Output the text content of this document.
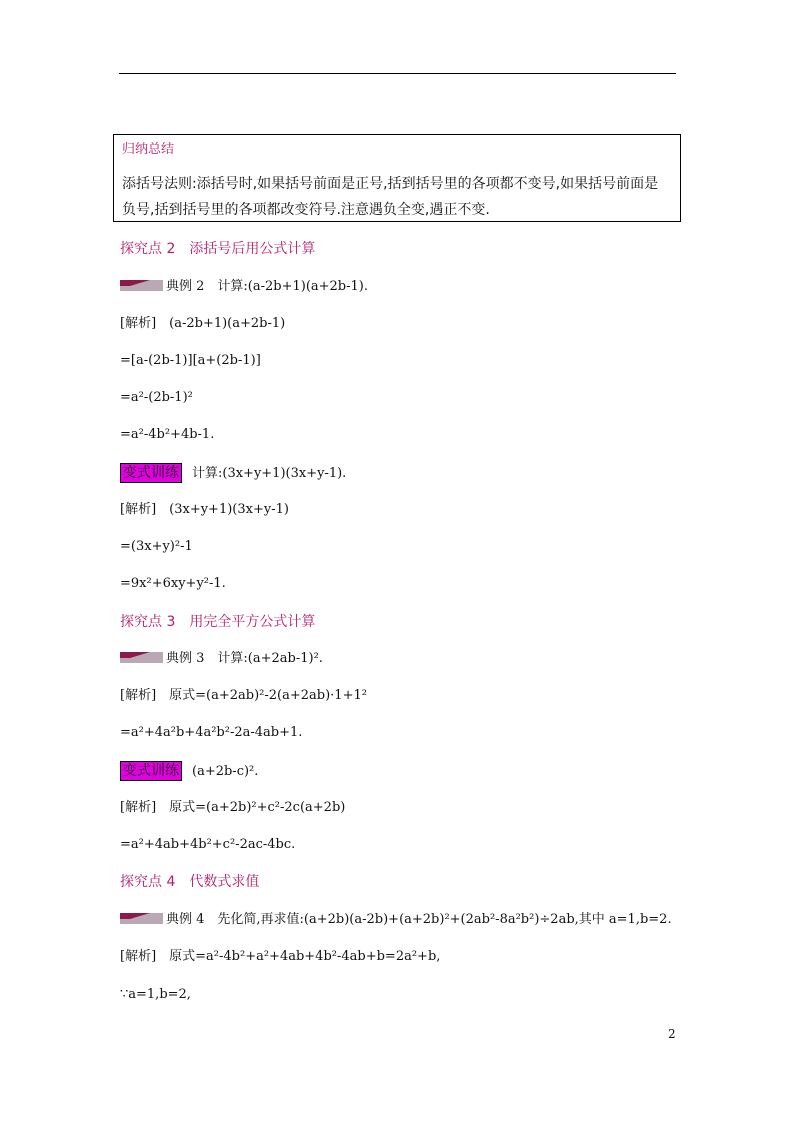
归纳总结
添括号法则:添括号时,如果括号前面是正号,括到括号里的各项都不变号,如果括号前面是负号,括到括号里的各项都改变符号.注意遇负全变,遇正不变.
探究点 2　添括号后用公式计算
典例 2　计算:(a-2b+1)(a+2b-1).
[解析]　(a-2b+1)(a+2b-1)
=[a-(2b-1)][a+(2b-1)]
=a²-(2b-1)²
=a²-4b²+4b-1.
变式训练 计算:(3x+y+1)(3x+y-1).
[解析]　(3x+y+1)(3x+y-1)
=(3x+y)²-1
=9x²+6xy+y²-1.
探究点 3　用完全平方公式计算
典例 3　计算:(a+2ab-1)².
[解析]　原式=(a+2ab)²-2(a+2ab)·1+1²
=a²+4a²b+4a²b²-2a-4ab+1.
变式训练 (a+2b-c)².
[解析]　原式=(a+2b)²+c²-2c(a+2b)
=a²+4ab+4b²+c²-2ac-4bc.
探究点 4　代数式求值
典例 4　先化简,再求值:(a+2b)(a-2b)+(a+2b)²+(2ab²-8a²b²)÷2ab,其中 a=1,b=2.
[解析]　原式=a²-4b²+a²+4ab+4b²-4ab+b=2a²+b,
∵a=1,b=2,
2
